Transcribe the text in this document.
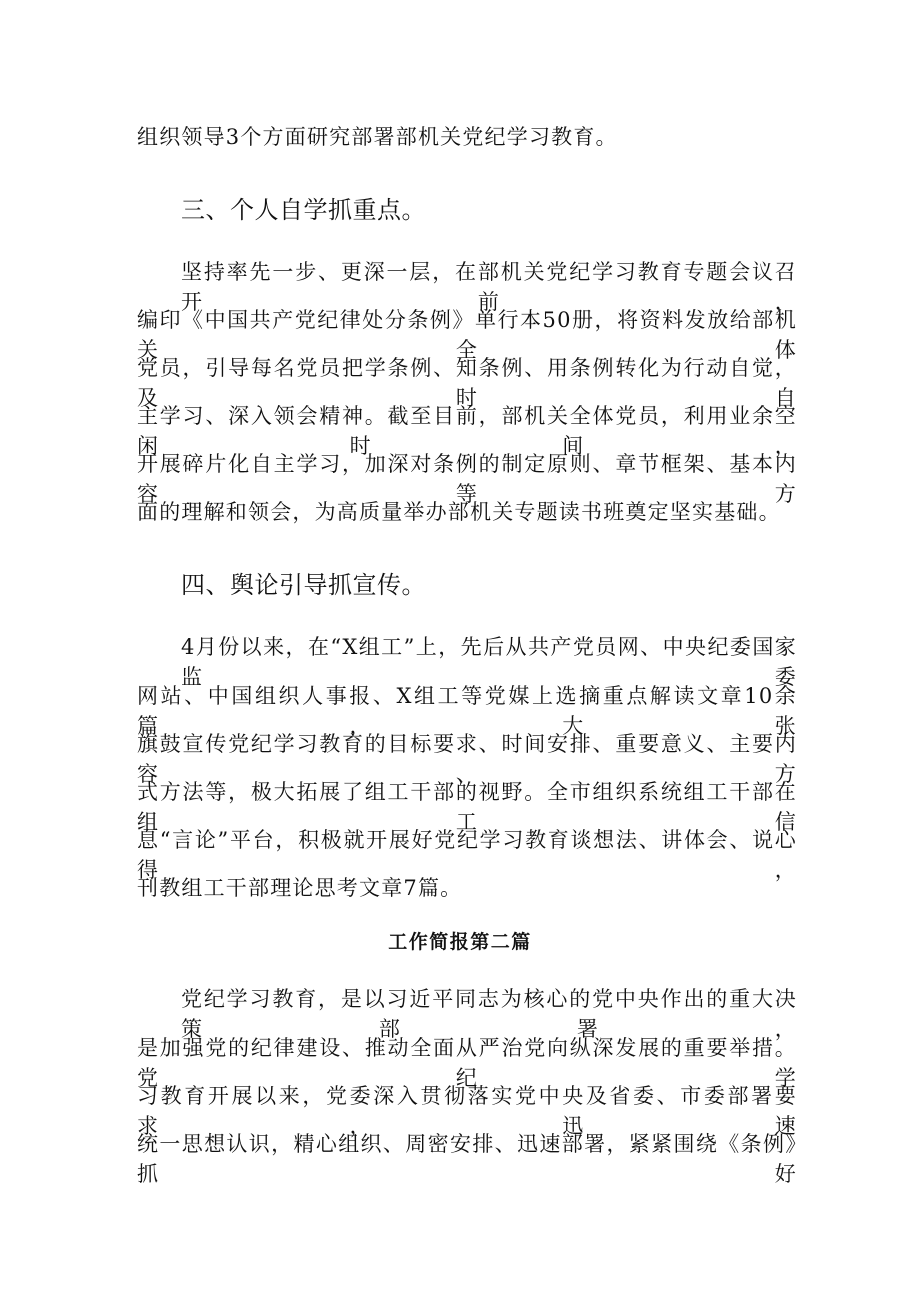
组织领导3个方面研究部署部机关党纪学习教育。
三、个人自学抓重点。
坚持率先一步、更深一层，在部机关党纪学习教育专题会议召开前，
编印《中国共产党纪律处分条例》单行本50册，将资料发放给部机关全体
党员，引导每名党员把学条例、知条例、用条例转化为行动自觉，及时自
主学习、深入领会精神。截至目前，部机关全体党员，利用业余空闲时间，
开展碎片化自主学习，加深对条例的制定原则、章节框架、基本内容等方
面的理解和领会，为高质量举办部机关专题读书班奠定坚实基础。
四、舆论引导抓宣传。
4月份以来，在“X组工”上，先后从共产党员网、中央纪委国家监委
网站、中国组织人事报、X组工等党媒上选摘重点解读文章10余篇，大张
旗鼓宣传党纪学习教育的目标要求、时间安排、重要意义、主要内容、方
式方法等，极大拓展了组工干部的视野。全市组织系统组工干部在组工信
息“言论”平台，积极就开展好党纪学习教育谈想法、讲体会、说心得，
刊教组工干部理论思考文章7篇。
工作简报第二篇
党纪学习教育，是以习近平同志为核心的党中央作出的重大决策部署，
是加强党的纪律建设、推动全面从严治党向纵深发展的重要举措。党纪学
习教育开展以来，党委深入贯彻落实党中央及省委、市委部署要求，迅速
统一思想认识，精心组织、周密安排、迅速部署，紧紧围绕《条例》抓好
